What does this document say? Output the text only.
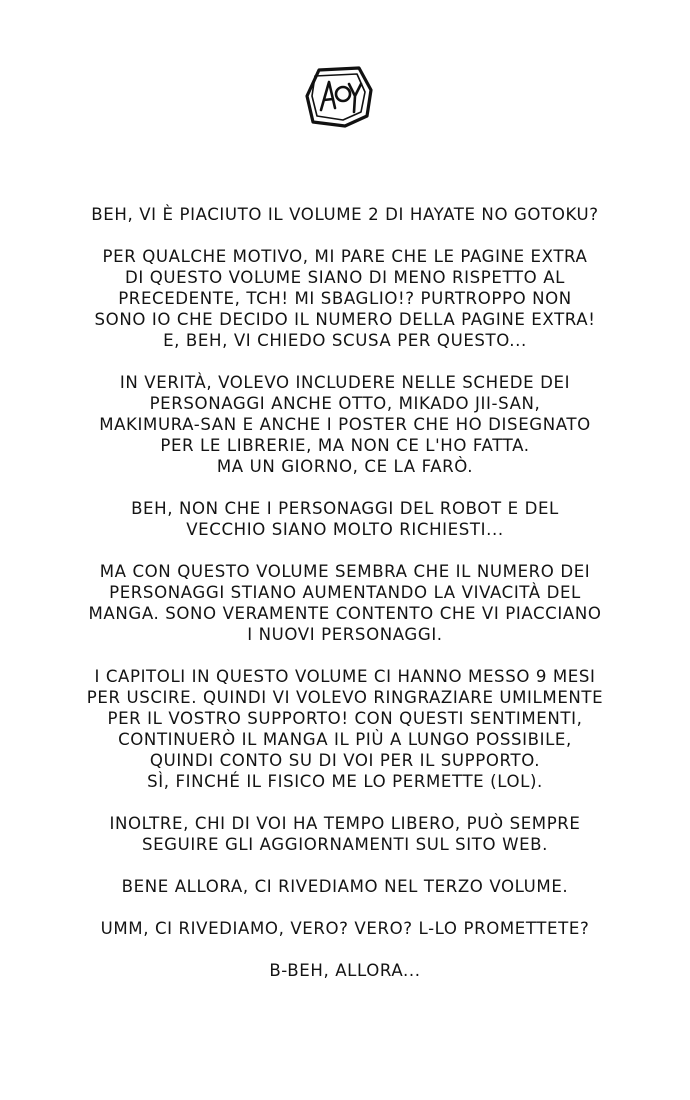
BEH, VI È PIACIUTO IL VOLUME 2 DI HAYATE NO GOTOKU?

PER QUALCHE MOTIVO, MI PARE CHE LE PAGINE EXTRA
DI QUESTO VOLUME SIANO DI MENO RISPETTO AL
PRECEDENTE, TCH! MI SBAGLIO!? PURTROPPO NON
SONO IO CHE DECIDO IL NUMERO DELLA PAGINE EXTRA!
E, BEH, VI CHIEDO SCUSA PER QUESTO...

IN VERITÀ, VOLEVO INCLUDERE NELLE SCHEDE DEI
PERSONAGGI ANCHE OTTO, MIKADO JII-SAN,
MAKIMURA-SAN E ANCHE I POSTER CHE HO DISEGNATO
PER LE LIBRERIE, MA NON CE L'HO FATTA.
MA UN GIORNO, CE LA FARÒ.

BEH, NON CHE I PERSONAGGI DEL ROBOT E DEL
VECCHIO SIANO MOLTO RICHIESTI...

MA CON QUESTO VOLUME SEMBRA CHE IL NUMERO DEI
PERSONAGGI STIANO AUMENTANDO LA VIVACITÀ DEL
MANGA. SONO VERAMENTE CONTENTO CHE VI PIACCIANO
I NUOVI PERSONAGGI.

I CAPITOLI IN QUESTO VOLUME CI HANNO MESSO 9 MESI
PER USCIRE. QUINDI VI VOLEVO RINGRAZIARE UMILMENTE
PER IL VOSTRO SUPPORTO! CON QUESTI SENTIMENTI,
CONTINUERÒ IL MANGA IL PIÙ A LUNGO POSSIBILE,
QUINDI CONTO SU DI VOI PER IL SUPPORTO.
SÌ, FINCHÉ IL FISICO ME LO PERMETTE (LOL).

INOLTRE, CHI DI VOI HA TEMPO LIBERO, PUÒ SEMPRE
SEGUIRE GLI AGGIORNAMENTI SUL SITO WEB.

BENE ALLORA, CI RIVEDIAMO NEL TERZO VOLUME.

UMM, CI RIVEDIAMO, VERO? VERO? L-LO PROMETTETE?

B-BEH, ALLORA...
